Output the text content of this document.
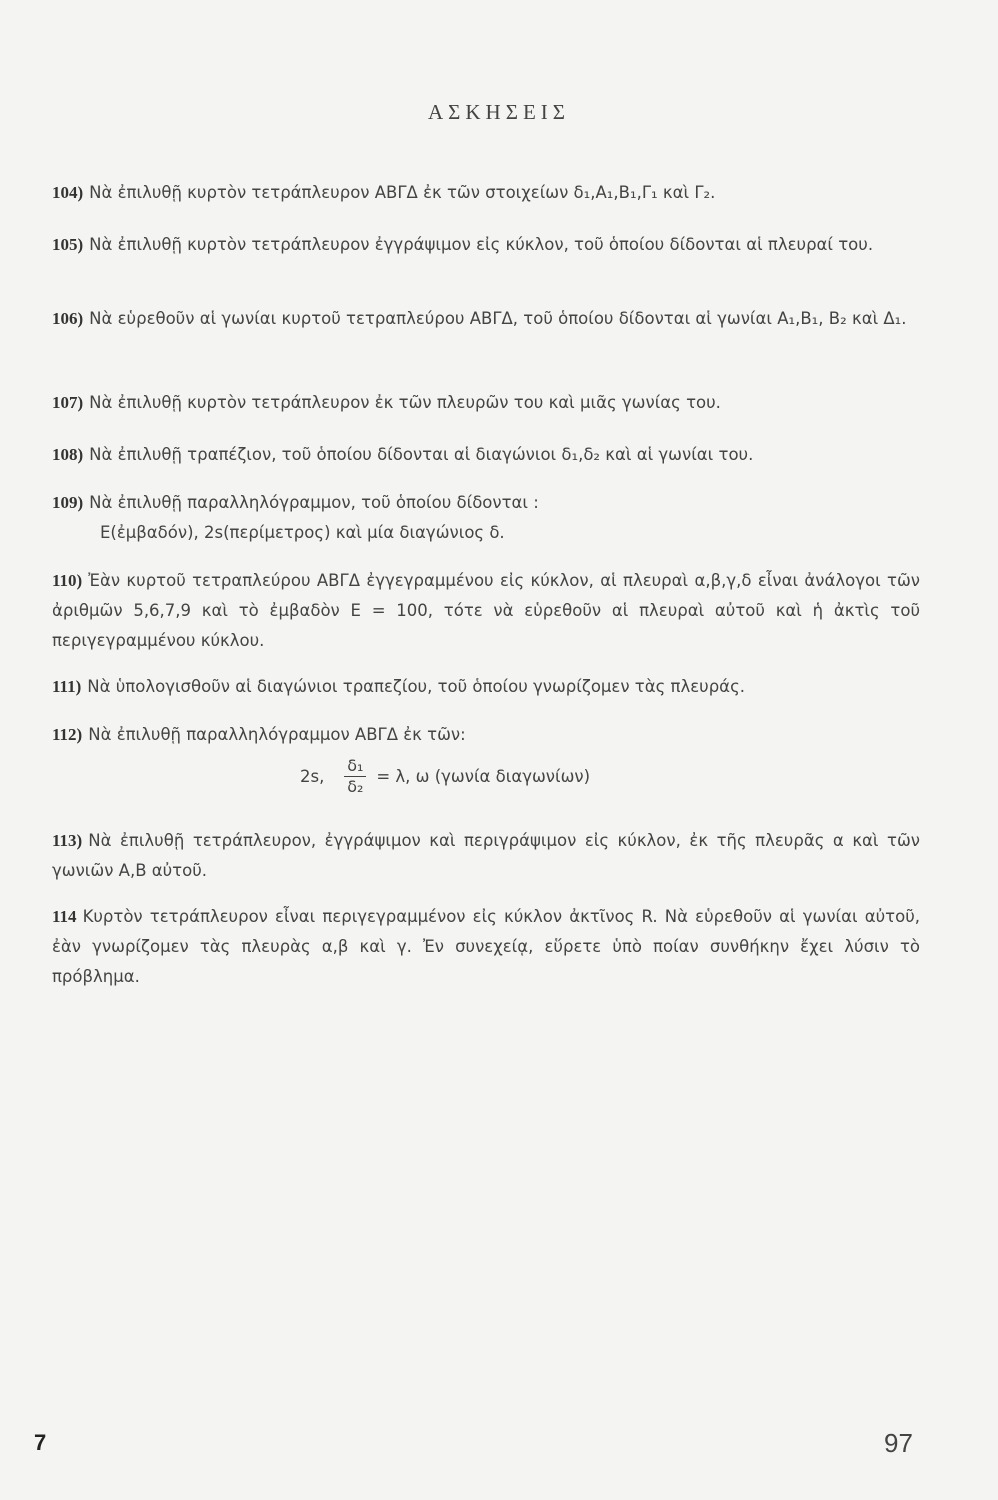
ΑΣΚΗΣΕΙΣ
104) Νὰ ἐπιλυθῇ κυρτὸν τετράπλευρον ΑΒΓΔ ἐκ τῶν στοιχείων δ₁,Α₁,Β₁,Γ₁ καὶ Γ₂.
105) Νὰ ἐπιλυθῇ κυρτὸν τετράπλευρον ἐγγράψιμον εἰς κύκλον, τοῦ ὁποίου δίδονται αἱ πλευραί του.
106) Νὰ εὑρεθοῦν αἱ γωνίαι κυρτοῦ τετραπλεύρου ΑΒΓΔ, τοῦ ὁποίου δίδονται αἱ γωνίαι Α₁,Β₁, Β₂ καὶ Δ₁.
107) Νὰ ἐπιλυθῇ κυρτὸν τετράπλευρον ἐκ τῶν πλευρῶν του καὶ μιᾶς γωνίας του.
108) Νὰ ἐπιλυθῇ τραπέζιον, τοῦ ὁποίου δίδονται αἱ διαγώνιοι δ₁,δ₂ καὶ αἱ γωνίαι του.
109) Νὰ ἐπιλυθῇ παραλληλόγραμμον, τοῦ ὁποίου δίδονται :
Ε(ἐμβαδόν), 2s(περίμετρος) καὶ μία διαγώνιος δ.
110) Ἐὰν κυρτοῦ τετραπλεύρου ΑΒΓΔ ἐγγεγραμμένου εἰς κύκλον, αἱ πλευραὶ α,β,γ,δ εἶναι ἀνάλογοι τῶν ἀριθμῶν 5,6,7,9 καὶ τὸ ἐμβαδὸν Ε = 100, τότε νὰ εὑρεθοῦν αἱ πλευραὶ αὐτοῦ καὶ ἡ ἀκτὶς τοῦ περιγεγραμμένου κύκλου.
111) Νὰ ὑπολογισθοῦν αἱ διαγώνιοι τραπεζίου, τοῦ ὁποίου γνωρίζομεν τὰς πλευράς.
112) Νὰ ἐπιλυθῇ παραλληλόγραμμον ΑΒΓΔ ἐκ τῶν:
2s, $\frac{\text{δ₁}}{\text{δ₂}} = \lambda$, ω (γωνία διαγωνίων)
113) Νὰ ἐπιλυθῇ τετράπλευρον, ἐγγράψιμον καὶ περιγράψιμον εἰς κύκλον, ἐκ τῆς πλευρᾶς α καὶ τῶν γωνιῶν Α,Β αὐτοῦ.
114 Κυρτὸν τετράπλευρον εἶναι περιγεγραμμένον εἰς κύκλον ἀκτῖνος R. Νὰ εὑρεθοῦν αἱ γωνίαι αὐτοῦ, ἐὰν γνωρίζομεν τὰς πλευρὰς α,β καὶ γ. Ἐν συνεχείᾳ, εὕρετε ὑπὸ ποίαν συνθήκην ἔχει λύσιν τὸ πρόβλημα.
7	97
